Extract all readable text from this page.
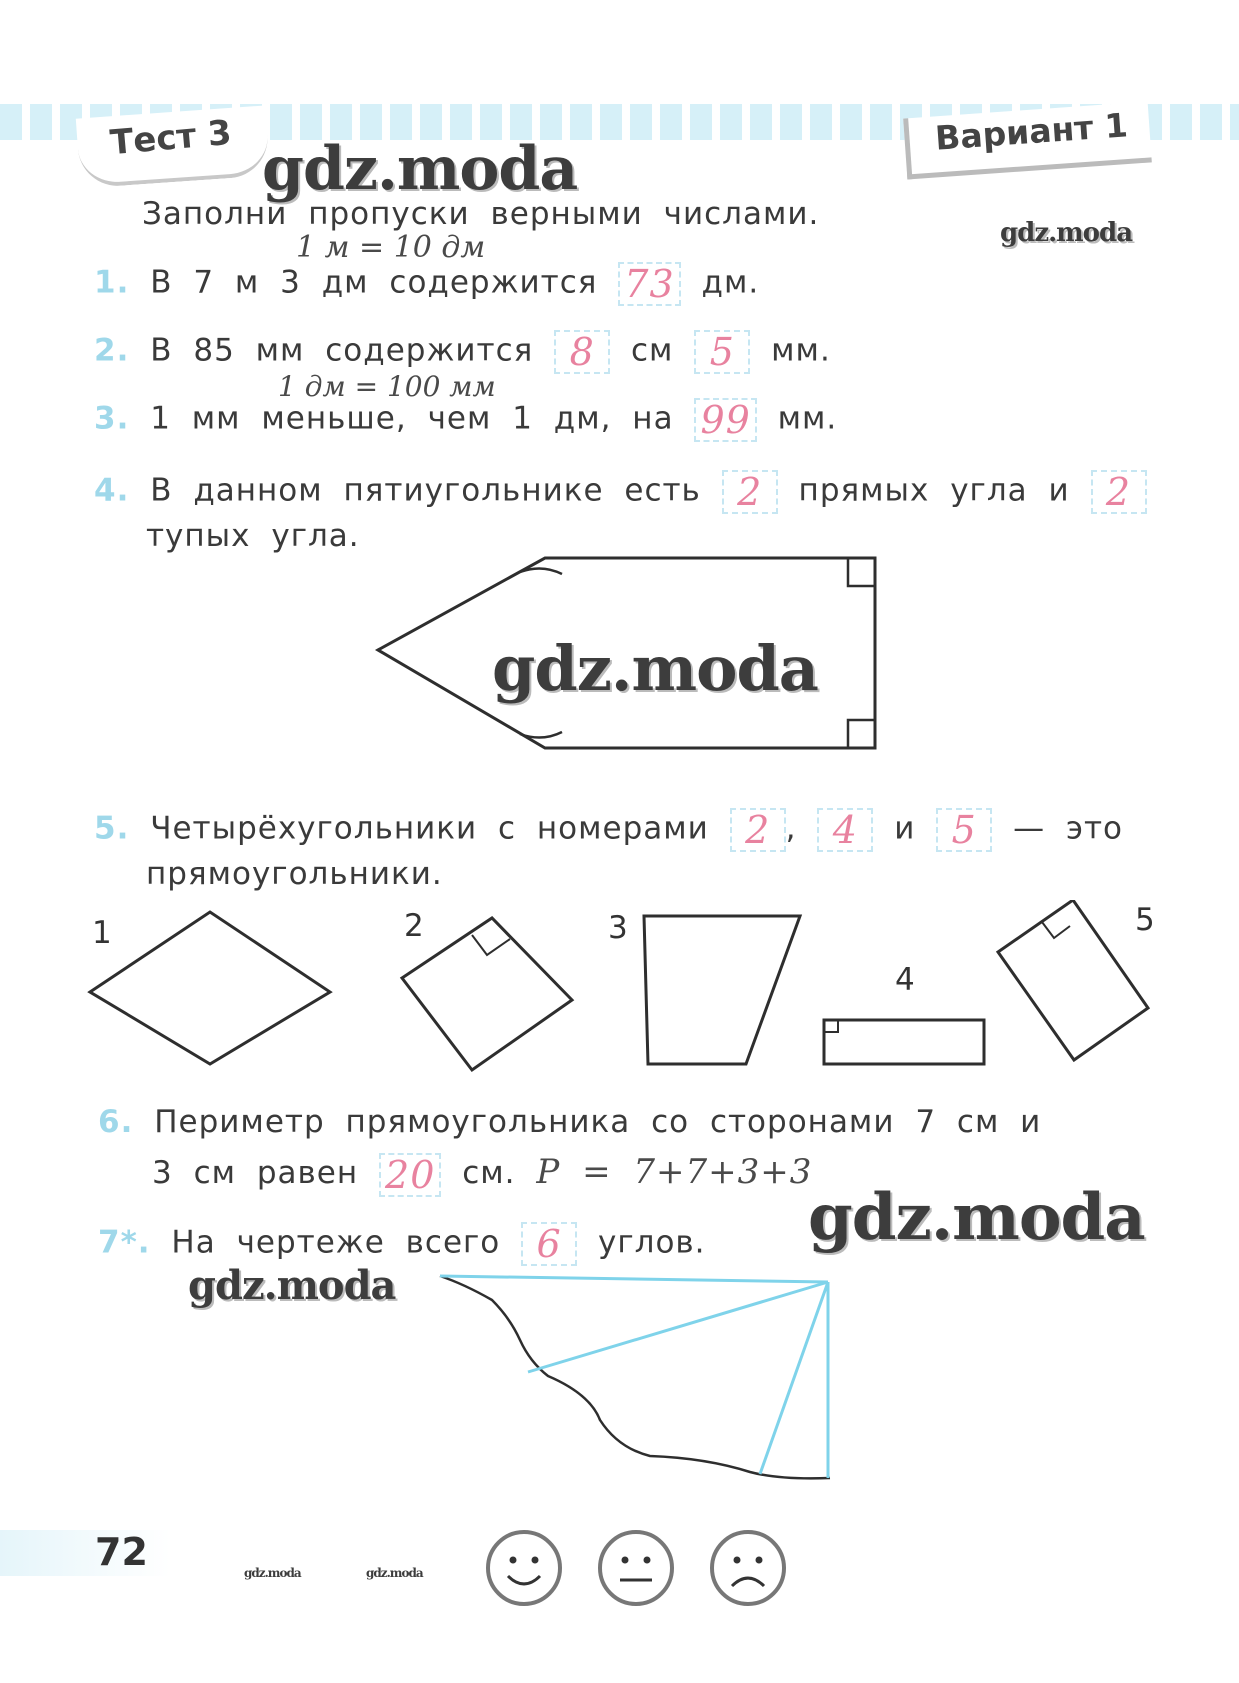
Тест 3	Вариант 1
gdz.moda
gdz.moda
gdz.moda
gdz.moda
gdz.moda
Заполни пропуски верными числами.
1 м = 10 дм
1. В 7 м 3 дм содержится 73 дм.
2. В 85 мм содержится 8 см 5 мм.
1 дм = 100 мм
3. 1 мм меньше, чем 1 дм, на 99 мм.
4. В данном пятиугольнике есть 2 прямых угла и 2
тупых угла.
5. Четырёхугольники с номерами 2 , 4 и 5 — это
прямоугольники.
1	2	3
4
5
6. Периметр прямоугольника со сторонами 7 см и
3 см равен 20 см. P = 7+7+3+3
7*. На чертеже всего 6 углов.
72	gdz.moda	gdz.moda
